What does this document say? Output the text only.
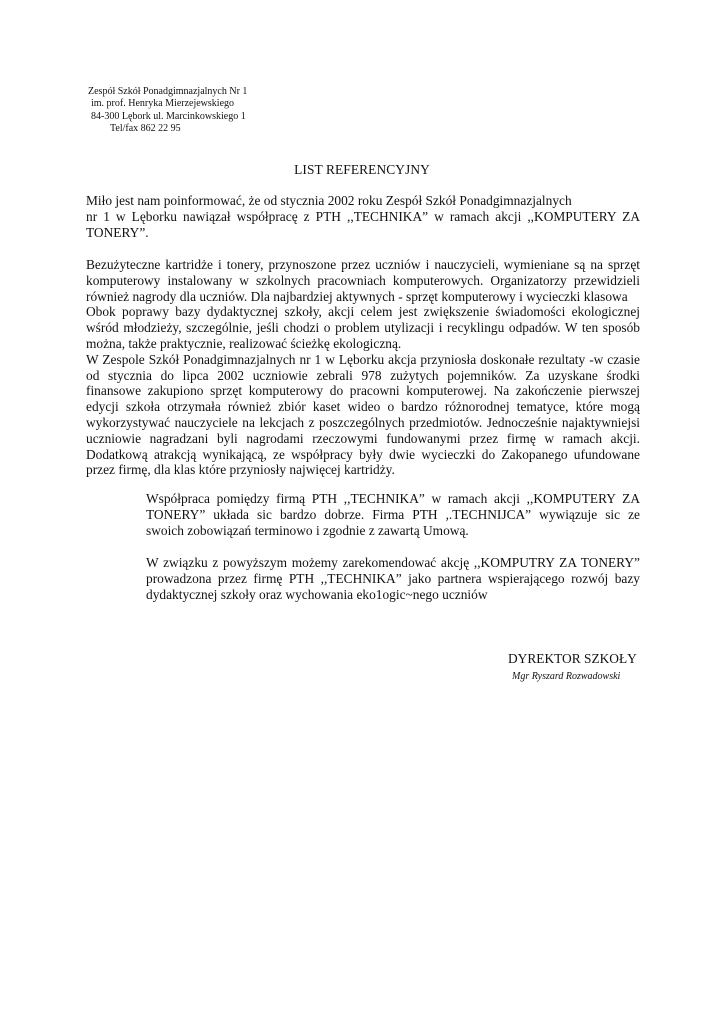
Zespół Szkół Ponadgimnazjalnych Nr 1
im. prof. Henryka Mierzejewskiego
84-300 Lębork ul. Marcinkowskiego 1
Tel/fax 862 22 95
LIST REFERENCYJNY
Miło jest nam poinformować, że od stycznia 2002 roku Zespół Szkół Ponadgimnazjalnych
nr 1 w Lęborku nawiązał współpracę z PTH ,,TECHNIKA” w ramach akcji ,,KOMPUTERY ZA
TONERY”.
Bezużyteczne kartridże i tonery, przynoszone przez uczniów i nauczycieli, wymieniane są na sprzęt
komputerowy instalowany w szkolnych pracowniach komputerowych. Organizatorzy przewidzieli
również nagrody dla uczniów. Dla najbardziej aktywnych - sprzęt komputerowy i wycieczki klasowa
Obok poprawy bazy dydaktycznej szkoły, akcji celem jest zwiększenie świadomości ekologicznej
wśród młodzieży, szczególnie, jeśli chodzi o problem utylizacji i recyklingu odpadów. W ten sposób
można, także praktycznie, realizować ścieżkę ekologiczną.
W Zespole Szkół Ponadgimnazjalnych nr 1 w Lęborku akcja przyniosła doskonałe rezultaty -w czasie
od stycznia do lipca 2002 uczniowie zebrali 978 zużytych pojemników. Za uzyskane środki
finansowe zakupiono sprzęt komputerowy do pracowni komputerowej. Na zakończenie pierwszej
edycji szkoła otrzymała również zbiór kaset wideo o bardzo różnorodnej tematyce, które mogą
wykorzystywać nauczyciele na lekcjach z poszczególnych przedmiotów. Jednocześnie najaktywniejsi
uczniowie nagradzani byli nagrodami rzeczowymi fundowanymi przez firmę w ramach akcji.
Dodatkową atrakcją wynikającą, ze współpracy były dwie wycieczki do Zakopanego ufundowane
przez firmę, dla klas które przyniosły najwięcej kartridży.
Współpraca pomiędzy firmą PTH ,,TECHNIKA” w ramach akcji ,,KOMPUTERY ZA
TONERY” układa sic bardzo dobrze. Firma PTH ,.TECHNIJCA” wywiązuje sic ze
swoich zobowiązań terminowo i zgodnie z zawartą Umową.
W związku z powyższym możemy zarekomendować akcję ,,KOMPUTRY ZA TONERY”
prowadzona przez firmę PTH ,,TECHNIKA” jako partnera wspierającego rozwój bazy
dydaktycznej szkoły oraz wychowania eko1ogic~nego uczniów
DYREKTOR SZKOŁY
Mgr Ryszard Rozwadowski
